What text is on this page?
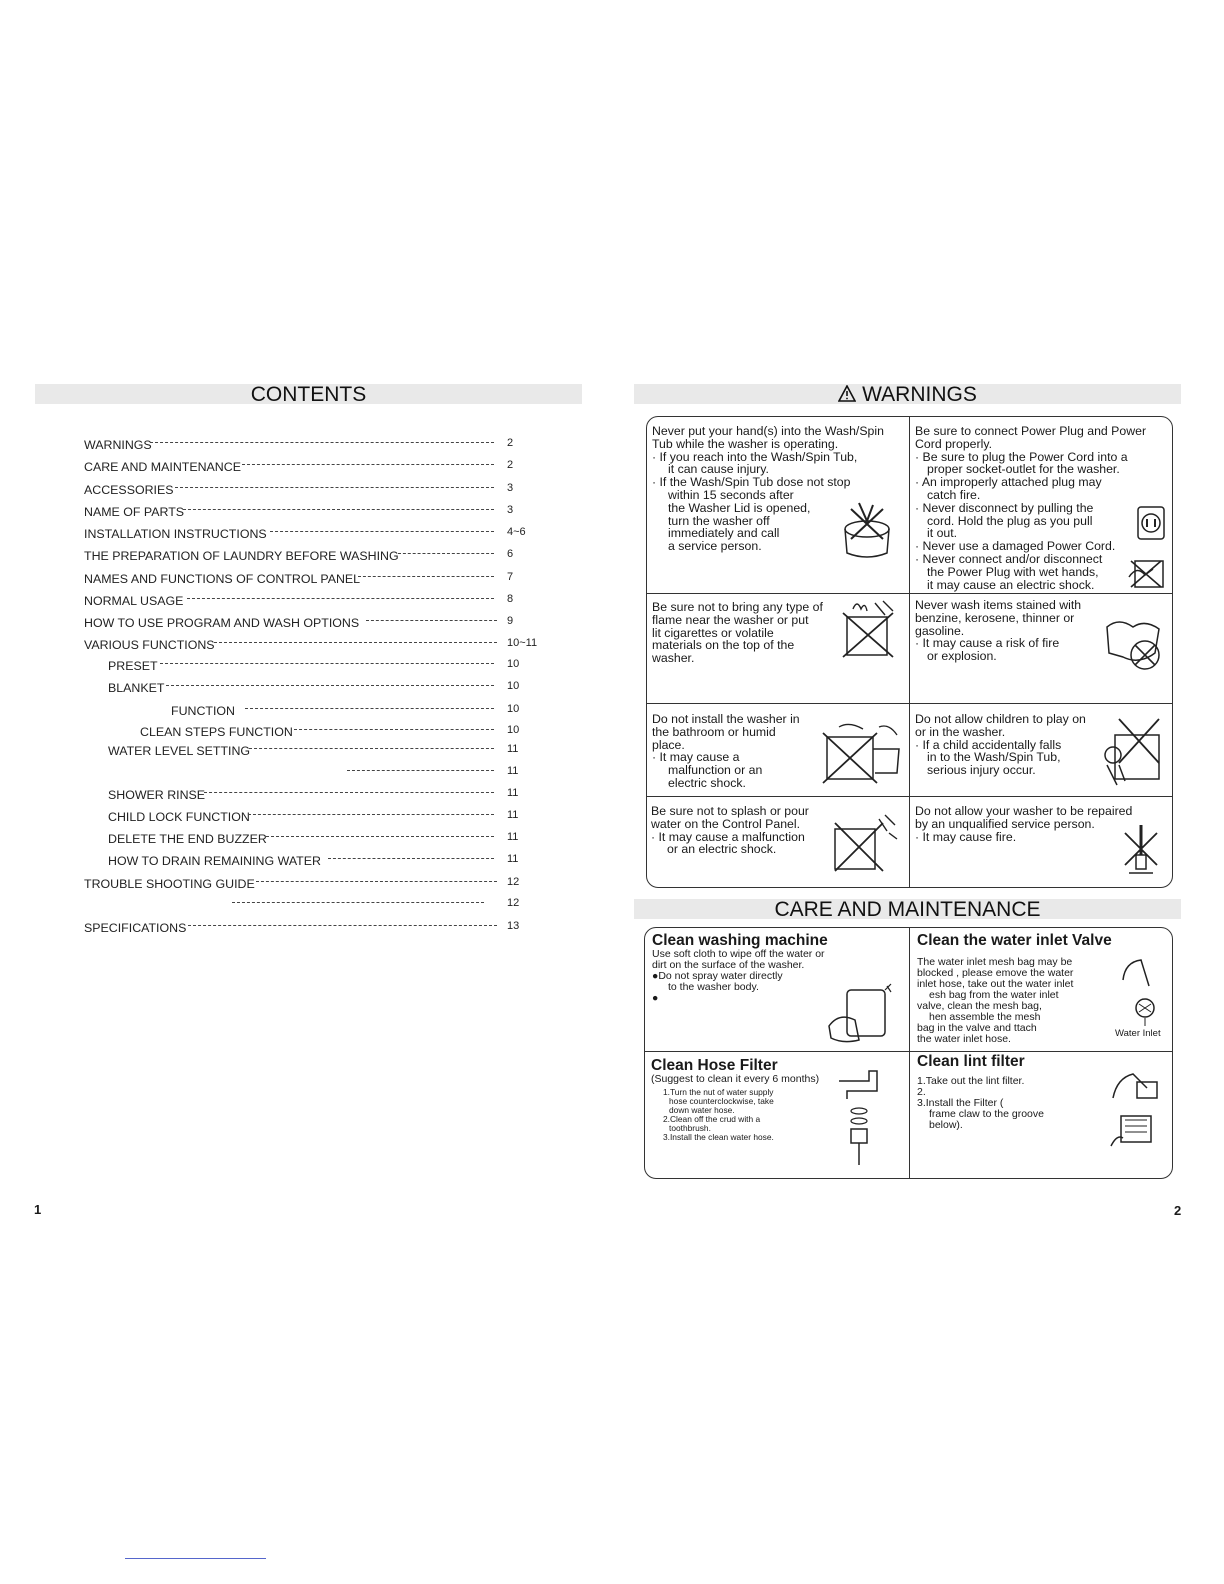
CONTENTS	WARNINGS
CARE AND MAINTENANCE
WARNINGS	2
CARE AND MAINTENANCE	2
ACCESSORIES	3
NAME OF PARTS	3
INSTALLATION INSTRUCTIONS	4~6
THE PREPARATION OF LAUNDRY BEFORE WASHING	6
NAMES AND FUNCTIONS OF CONTROL PANEL	7
NORMAL USAGE	8
HOW TO USE PROGRAM AND WASH OPTIONS	9
VARIOUS FUNCTIONS	10~11
PRESET	10
BLANKET	10
FUNCTION	10
CLEAN STEPS FUNCTION	10
WATER LEVEL SETTING	11
11
SHOWER RINSE	11
CHILD LOCK FUNCTION	11
DELETE THE END BUZZER	11
HOW TO DRAIN REMAINING WATER	11
TROUBLE SHOOTING GUIDE	12
12
SPECIFICATIONS	13

Never put your hand(s) into the Wash/Spin

Tub while the washer is operating.

· If you reach into the Wash/Spin Tub,

it can cause injury.

· If the Wash/Spin Tub dose not stop

within 15 seconds after

the Washer Lid is opened,

turn the washer off

immediately and call

a service person.

Be sure to connect Power Plug and Power

Cord properly.

· Be sure to plug the Power Cord into a

proper socket-outlet for the washer.

· An improperly attached plug may

catch fire.

· Never disconnect by pulling the

cord. Hold the plug as you pull

it out.

· Never use a damaged Power Cord.

· Never connect and/or disconnect

the Power Plug with wet hands,

it may cause an electric shock.

Be sure not to bring any type of

flame near the washer or put

lit cigarettes or volatile

materials on the top of the

washer.

Never wash items stained with

benzine, kerosene, thinner or

gasoline.

· It may cause a risk of fire

or explosion.

Do not install the washer in

the bathroom or humid

place.

· It may cause a

malfunction or an

electric shock.

Do not allow children to play on

or in the washer.

· If a child accidentally falls

in to the Wash/Spin Tub,

serious injury occur.

Be sure not to splash or pour

water on the Control Panel.

· It may cause a malfunction

or an electric shock.

Do not allow your washer to be repaired

by an unqualified service person.

· It may cause fire.

Clean washing machine

Use soft cloth to wipe off the water or

dirt on the surface of the washer.

●Do not spray water directly

to the washer body.

●

Clean the water inlet Valve

The water inlet mesh bag may be

blocked , please emove the water

inlet hose, take out the water inlet

esh bag from the water inlet

valve, clean the mesh bag,

hen assemble the mesh

bag in the valve and ttach

the water inlet hose.	Water Inlet

Clean Hose Filter

(Suggest to clean it every 6 months)

1.Turn the nut of water supply

hose counterclockwise, take

down water hose.

2.Clean off the crud with a

toothbrush.

3.Install the clean water hose.

Clean lint filter

1.Take out the lint filter.

2.

3.Install the Filter (

frame claw to the groove

below).

1	2
